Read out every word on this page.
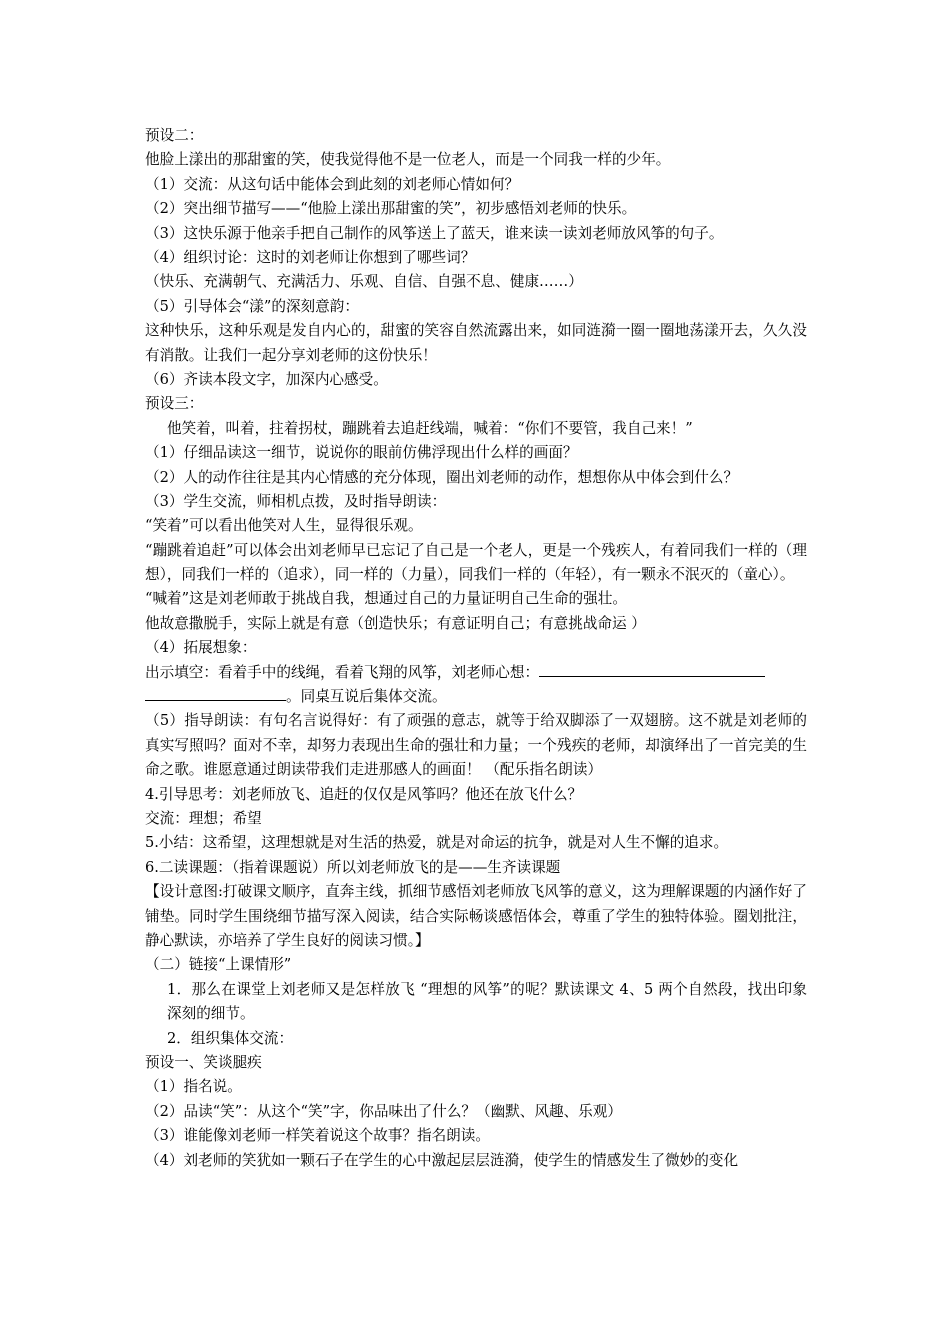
预设二：
他脸上漾出的那甜蜜的笑，使我觉得他不是一位老人，而是一个同我一样的少年。
（1）交流：从这句话中能体会到此刻的刘老师心情如何？
（2）突出细节描写——“他脸上漾出那甜蜜的笑”，初步感悟刘老师的快乐。
（3）这快乐源于他亲手把自己制作的风筝送上了蓝天，谁来读一读刘老师放风筝的句子。
（4）组织讨论：这时的刘老师让你想到了哪些词？
（快乐、充满朝气、充满活力、乐观、自信、自强不息、健康……）
（5）引导体会“漾”的深刻意韵：
这种快乐，这种乐观是发自内心的，甜蜜的笑容自然流露出来，如同涟漪一圈一圈地荡漾开去，久久没有消散。让我们一起分享刘老师的这份快乐！
（6）齐读本段文字，加深内心感受。
预设三：
他笑着，叫着，拄着拐杖，蹦跳着去追赶线端，喊着：“你们不要管，我自己来！”
（1）仔细品读这一细节，说说你的眼前仿佛浮现出什么样的画面？
（2）人的动作往往是其内心情感的充分体现，圈出刘老师的动作，想想你从中体会到什么？
（3）学生交流，师相机点拨，及时指导朗读：
“笑着”可以看出他笑对人生，显得很乐观。
“蹦跳着追赶”可以体会出刘老师早已忘记了自己是一个老人，更是一个残疾人，有着同我们一样的（理想），同我们一样的（追求），同一样的（力量），同我们一样的（年轻），有一颗永不泯灭的（童心）。
“喊着”这是刘老师敢于挑战自我，想通过自己的力量证明自己生命的强壮。
他故意撒脱手，实际上就是有意（创造快乐；有意证明自己；有意挑战命运 ）
（4）拓展想象：
出示填空：看着手中的线绳，看着飞翔的风筝，刘老师心想：
。同桌互说后集体交流。
（5）指导朗读：有句名言说得好：有了顽强的意志，就等于给双脚添了一双翅膀。这不就是刘老师的真实写照吗？面对不幸，却努力表现出生命的强壮和力量；一个残疾的老师，却演绎出了一首完美的生命之歌。谁愿意通过朗读带我们走进那感人的画面！ （配乐指名朗读）
4.引导思考：刘老师放飞、追赶的仅仅是风筝吗？他还在放飞什么？
交流：理想；希望
5.小结：这希望，这理想就是对生活的热爱，就是对命运的抗争，就是对人生不懈的追求。
6.二读课题：（指着课题说）所以刘老师放飞的是——生齐读课题
【设计意图:打破课文顺序，直奔主线，抓细节感悟刘老师放飞风筝的意义，这为理解课题的内涵作好了铺垫。同时学生围绕细节描写深入阅读，结合实际畅谈感悟体会，尊重了学生的独特体验。圈划批注，静心默读，亦培养了学生良好的阅读习惯。】
（二）链接“上课情形”
1．那么在课堂上刘老师又是怎样放飞 “理想的风筝”的呢？默读课文 4、5 两个自然段，找出印象深刻的细节。
2．组织集体交流：
预设一、笑谈腿疾
（1）指名说。
（2）品读“笑”：从这个“笑”字，你品味出了什么？（幽默、风趣、乐观）
（3）谁能像刘老师一样笑着说这个故事？指名朗读。
（4）刘老师的笑犹如一颗石子在学生的心中激起层层涟漪，使学生的情感发生了微妙的变化
